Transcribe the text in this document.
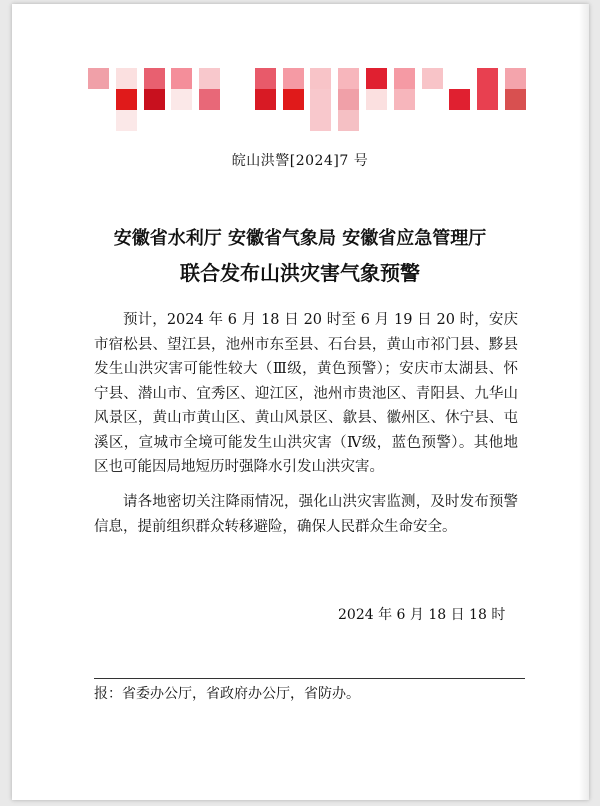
皖山洪警[2024]7 号
安徽省水利厅 安徽省气象局 安徽省应急管理厅
联合发布山洪灾害气象预警

预计，2024 年 6 月 18 日 20 时至 6 月 19 日 20 时，安庆市宿松县、望江县，池州市东至县、石台县，黄山市祁门县、黟县发生山洪灾害可能性较大（Ⅲ级，黄色预警）；安庆市太湖县、怀宁县、潜山市、宜秀区、迎江区，池州市贵池区、青阳县、九华山风景区，黄山市黄山区、黄山风景区、歙县、徽州区、休宁县、屯溪区，宣城市全境可能发生山洪灾害（Ⅳ级，蓝色预警）。其他地区也可能因局地短历时强降水引发山洪灾害。

请各地密切关注降雨情况，强化山洪灾害监测，及时发布预警信息，提前组织群众转移避险，确保人民群众生命安全。

2024 年 6 月 18 日 18 时
报：省委办公厅，省政府办公厅，省防办。
